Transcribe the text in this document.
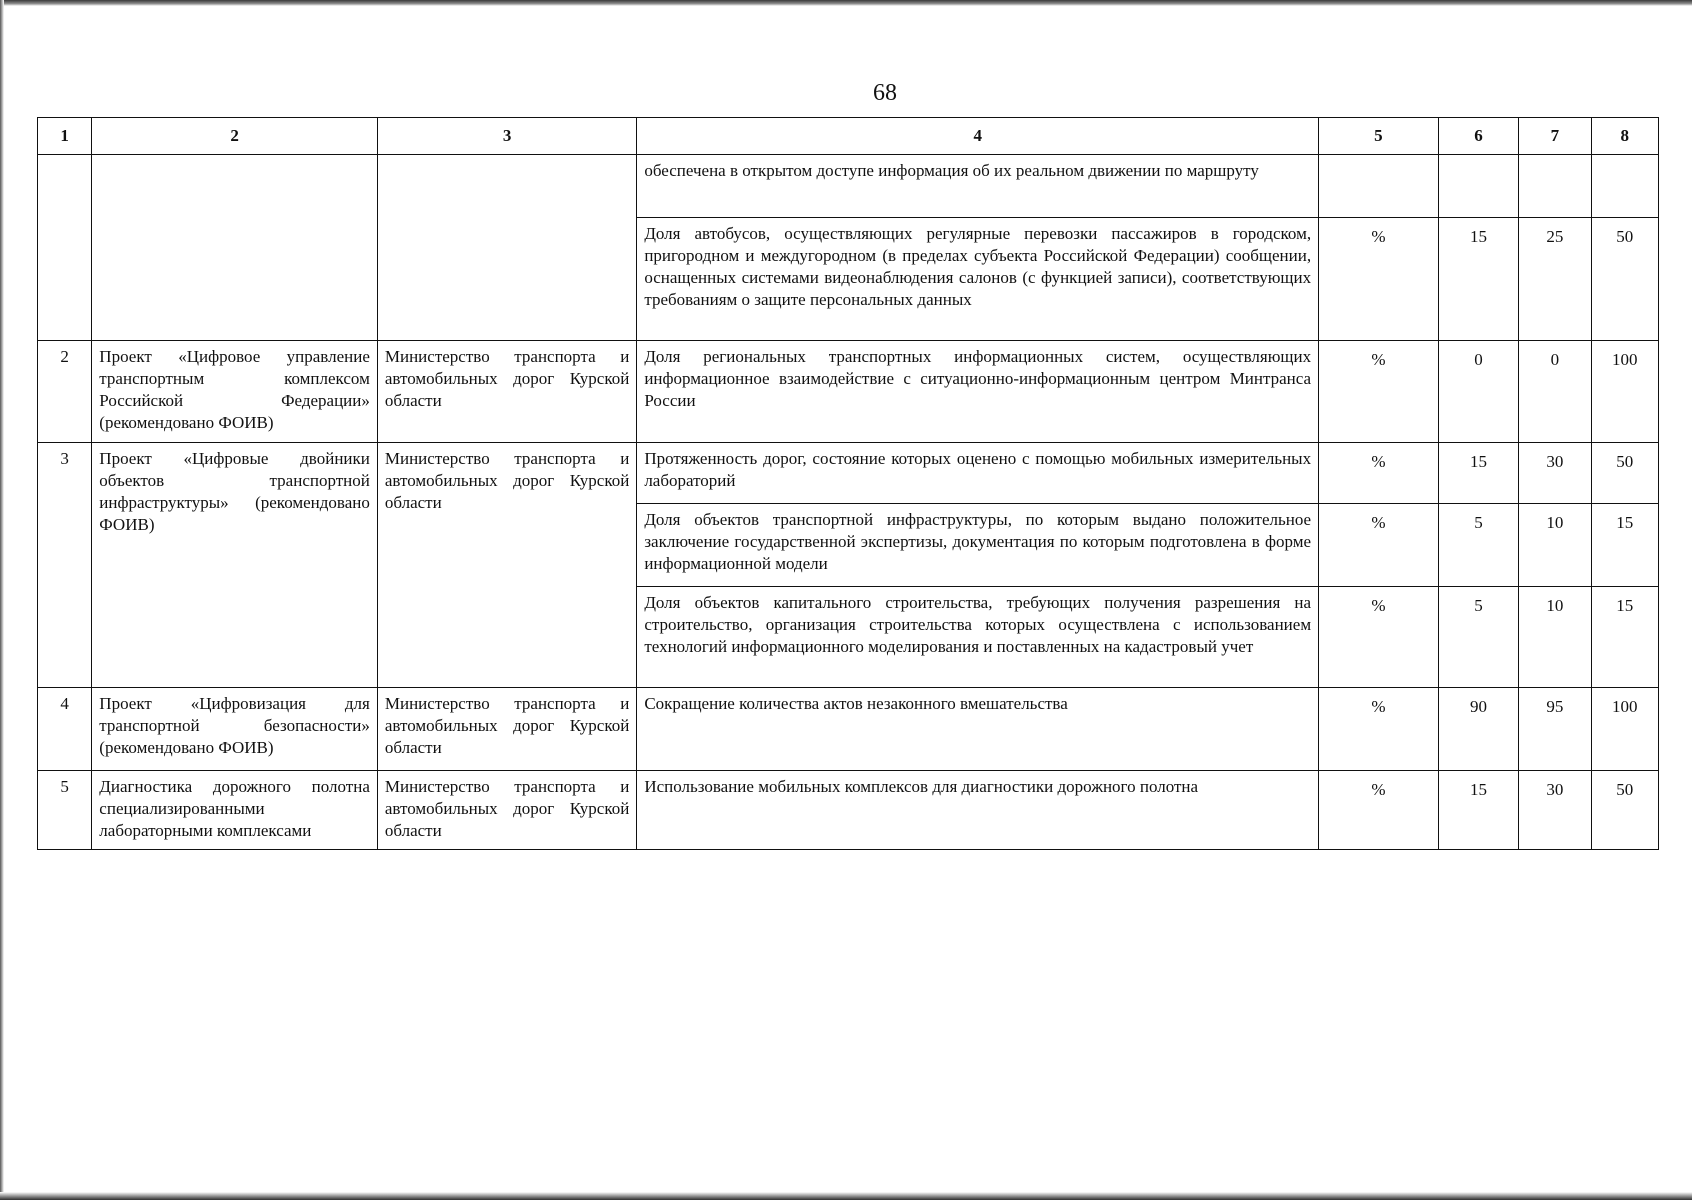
68
1	2	3	4	5	6	7	8
			обеспечена в открытом доступе информация об их реальном движении по маршруту				
			Доля автобусов, осуществляющих регулярные перевозки пассажиров в городском, пригородном и междугородном (в пределах субъекта Российской Федерации) сообщении, оснащенных системами видеонаблюдения салонов (с функцией записи), соответствующих требованиям о защите персональных данных	%	15	25	50
2	Проект «Цифровое управление транспортным комплексом Российской Федерации» (рекомендовано ФОИВ)	Министерство транспорта и автомобильных дорог Курской области	Доля региональных транспортных информационных систем, осуществляющих информационное взаимодействие с ситуационно-информационным центром Минтранса России	%	0	0	100
3	Проект «Цифровые двойники объектов транспортной инфраструктуры» (рекомендовано ФОИВ)	Министерство транспорта и автомобильных дорог Курской области	Протяженность дорог, состояние которых оценено с помощью мобильных измерительных лабораторий	%	15	30	50
			Доля объектов транспортной инфраструктуры, по которым выдано положительное заключение государственной экспертизы, документация по которым подготовлена в форме информационной модели	%	5	10	15
			Доля объектов капитального строительства, требующих получения разрешения на строительство, организация строительства которых осуществлена с использованием технологий информационного моделирования и поставленных на кадастровый учет	%	5	10	15
4	Проект «Цифровизация для транспортной безопасности» (рекомендовано ФОИВ)	Министерство транспорта и автомобильных дорог Курской области	Сокращение количества актов незаконного вмешательства	%	90	95	100
5	Диагностика дорожного полотна специализированными лабораторными комплексами	Министерство транспорта и автомобильных дорог Курской области	Использование мобильных комплексов для диагностики дорожного полотна	%	15	30	50
